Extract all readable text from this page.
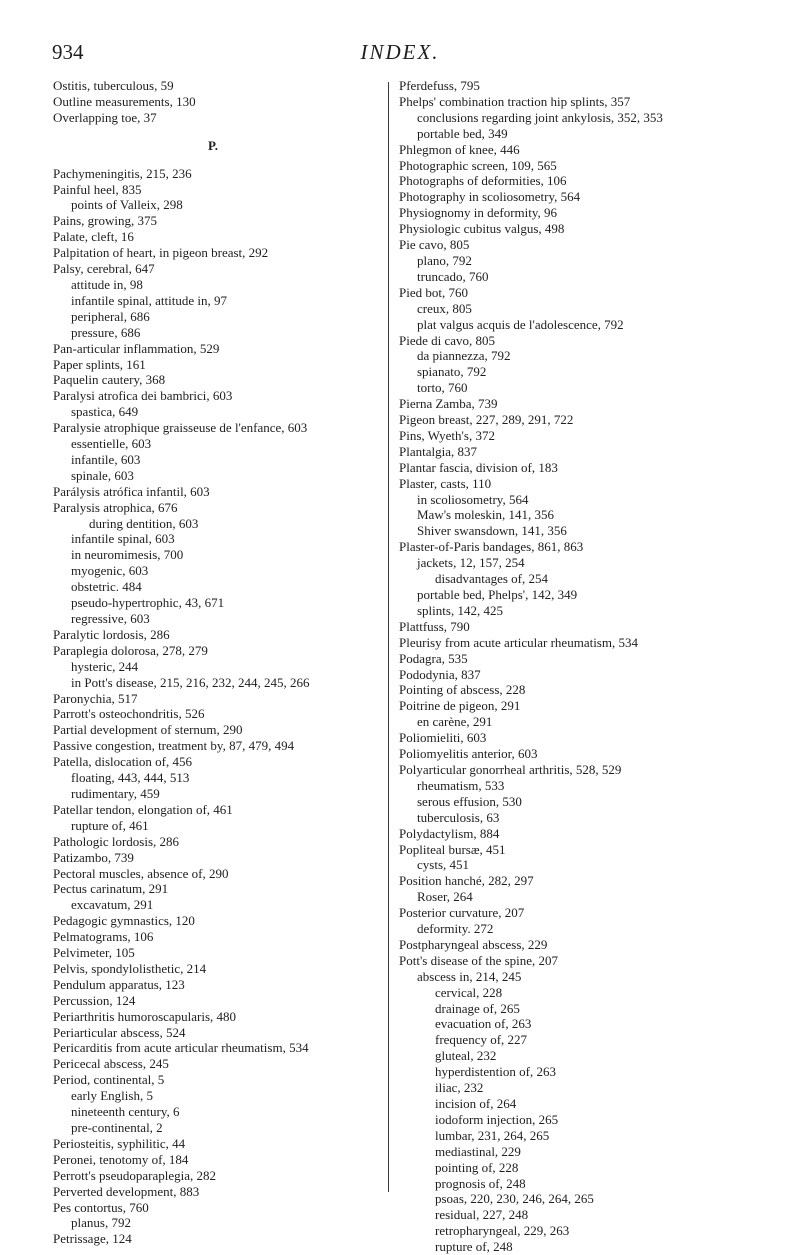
934	INDEX.
Ostitis, tuberculous, 59
Outline measurements, 130
Overlapping toe, 37
P.
Pachymeningitis, 215, 236
Painful heel, 835
points of Valleix, 298
Pains, growing, 375
Palate, cleft, 16
Palpitation of heart, in pigeon breast, 292
Palsy, cerebral, 647
attitude in, 98
infantile spinal, attitude in, 97
peripheral, 686
pressure, 686
Pan-articular inflammation, 529
Paper splints, 161
Paquelin cautery, 368
Paralysi atrofica dei bambrici, 603
spastica, 649
Paralysie atrophique graisseuse de l'enfance, 603
essentielle, 603
infantile, 603
spinale, 603
Parálysis atrófica infantil, 603
Paralysis atrophica, 676
during dentition, 603
infantile spinal, 603
in neuromimesis, 700
myogenic, 603
obstetric. 484
pseudo-hypertrophic, 43, 671
regressive, 603
Paralytic lordosis, 286
Paraplegia dolorosa, 278, 279
hysteric, 244
in Pott's disease, 215, 216, 232, 244, 245, 266
Paronychia, 517
Parrott's osteochondritis, 526
Partial development of sternum, 290
Passive congestion, treatment by, 87, 479, 494
Patella, dislocation of, 456
floating, 443, 444, 513
rudimentary, 459
Patellar tendon, elongation of, 461
rupture of, 461
Pathologic lordosis, 286
Patizambo, 739
Pectoral muscles, absence of, 290
Pectus carinatum, 291
excavatum, 291
Pedagogic gymnastics, 120
Pelmatograms, 106
Pelvimeter, 105
Pelvis, spondylolisthetic, 214
Pendulum apparatus, 123
Percussion, 124
Periarthritis humoroscapularis, 480
Periarticular abscess, 524
Pericarditis from acute articular rheumatism, 534
Pericecal abscess, 245
Period, continental, 5
early English, 5
nineteenth century, 6
pre-continental, 2
Periosteitis, syphilitic, 44
Peronei, tenotomy of, 184
Perrott's pseudoparaplegia, 282
Perverted development, 883
Pes contortus, 760
planus, 792
Petrissage, 124
Pferdefuss, 795
Phelps' combination traction hip splints, 357
conclusions regarding joint ankylosis, 352, 353
portable bed, 349
Phlegmon of knee, 446
Photographic screen, 109, 565
Photographs of deformities, 106
Photography in scoliosometry, 564
Physiognomy in deformity, 96
Physiologic cubitus valgus, 498
Pie cavo, 805
plano, 792
truncado, 760
Pied bot, 760
creux, 805
plat valgus acquis de l'adolescence, 792
Piede di cavo, 805
da piannezza, 792
spianato, 792
torto, 760
Pierna Zamba, 739
Pigeon breast, 227, 289, 291, 722
Pins, Wyeth's, 372
Plantalgia, 837
Plantar fascia, division of, 183
Plaster, casts, 110
in scoliosometry, 564
Maw's moleskin, 141, 356
Shiver swansdown, 141, 356
Plaster-of-Paris bandages, 861, 863
jackets, 12, 157, 254
disadvantages of, 254
portable bed, Phelps', 142, 349
splints, 142, 425
Plattfuss, 790
Pleurisy from acute articular rheumatism, 534
Podagra, 535
Pododynia, 837
Pointing of abscess, 228
Poitrine de pigeon, 291
en carène, 291
Poliomieliti, 603
Poliomyelitis anterior, 603
Polyarticular gonorrheal arthritis, 528, 529
rheumatism, 533
serous effusion, 530
tuberculosis, 63
Polydactylism, 884
Popliteal bursæ, 451
cysts, 451
Position hanché, 282, 297
Roser, 264
Posterior curvature, 207
deformity. 272
Postpharyngeal abscess, 229
Pott's disease of the spine, 207
abscess in, 214, 245
cervical, 228
drainage of, 265
evacuation of, 263
frequency of, 227
gluteal, 232
hyperdistention of, 263
iliac, 232
incision of, 264
iodoform injection, 265
lumbar, 231, 264, 265
mediastinal, 229
pointing of, 228
prognosis of, 248
psoas, 220, 230, 246, 264, 265
residual, 227, 248
retropharyngeal, 229, 263
rupture of, 248
